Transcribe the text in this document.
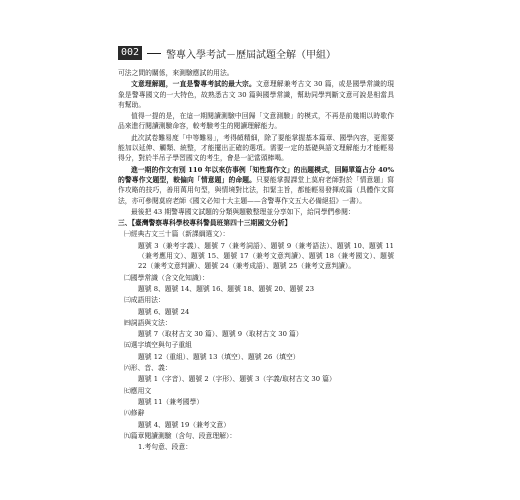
002	警專入學考試－歷屆試題全解（甲組）

可法之間的關係，來測驗應試的用法。

文意理解題，一直是警專考試的最大宗。文意理解兼考古文 30 篇，或是國學常識的現象是警專國文的一大特色，故熟悉古文 30 篇與國學常識，幫助同學判斷文意可說是相當具有幫助。

值得一提的是，在這一期閱讀測驗中回歸「文意測驗」的模式，不再是前幾期以時歌作品來進行閱讀測驗命容，較考驗考生的閱讀理解能力。

此次試卷難易度「中等難易」，考得頗精細，除了要能掌握基本篇章、國學內容，更需要能加以延伸、觸類、統整，才能擺出正確的選項。需要一定的基礎與語文理解能力才能輕易得分，對於半吊子學習國文的考生，會是一記當頭棒喝。

進一期的作文有別 110 年以來仿事例「知性寫作文」的出題模式，回歸單篇占分 40%的警專作文題型，較偏向「情意題」的命題。只要能掌握課堂上莫府老師對於「情意題」寫作攻略的技巧，善用萬用句型，與情境對比法，扣緊主旨，都能輕易發揮成篇（具體作文寫法，亦可參閱莫府老師《國文必知十大主題——含警專作文五大必備絕招》一書）。

最後把 43 期警專國文試題的分類與題數整理並分享如下，給同學們參閱：

三、【臺灣警察專科學校專科警員班第四十三期國文分析】

㈠經典古文三十篇（新課綱選文）：

題號 3（兼考字義）、題號 7（兼考詞語）、題號 9（兼考語法）、題號 10、題號 11（兼考應用文）、題號 15、題號 17（兼考文意判讀）、題號 18（兼考國文）、題號 22（兼考文意判讀）、題號 24（兼考成語）、題號 25（兼考文意判讀）。

㈡國學常識（含文化知識）：

題號 8、題號 14、題號 16、題號 18、題號 20、題號 23

㈢成語用法：

題號 6、題號 24

㈣詞語與文法：

題號 7（取材古文 30 篇）、題號 9（取材古文 30 篇）

㈤選字填空與句子重組

題號 12（重組）、題號 13（填空）、題號 26（填空）

㈥形、音、義：

題號 1（字音）、題號 2（字形）、題號 3（字義/取材古文 30 篇）

㈦應用文

題號 11（兼考國學）

㈧修辭

題號 4、題號 19（兼考文意）

㈨篇章閱讀測驗（含句、段意理解）：

1.考句意、段意：
